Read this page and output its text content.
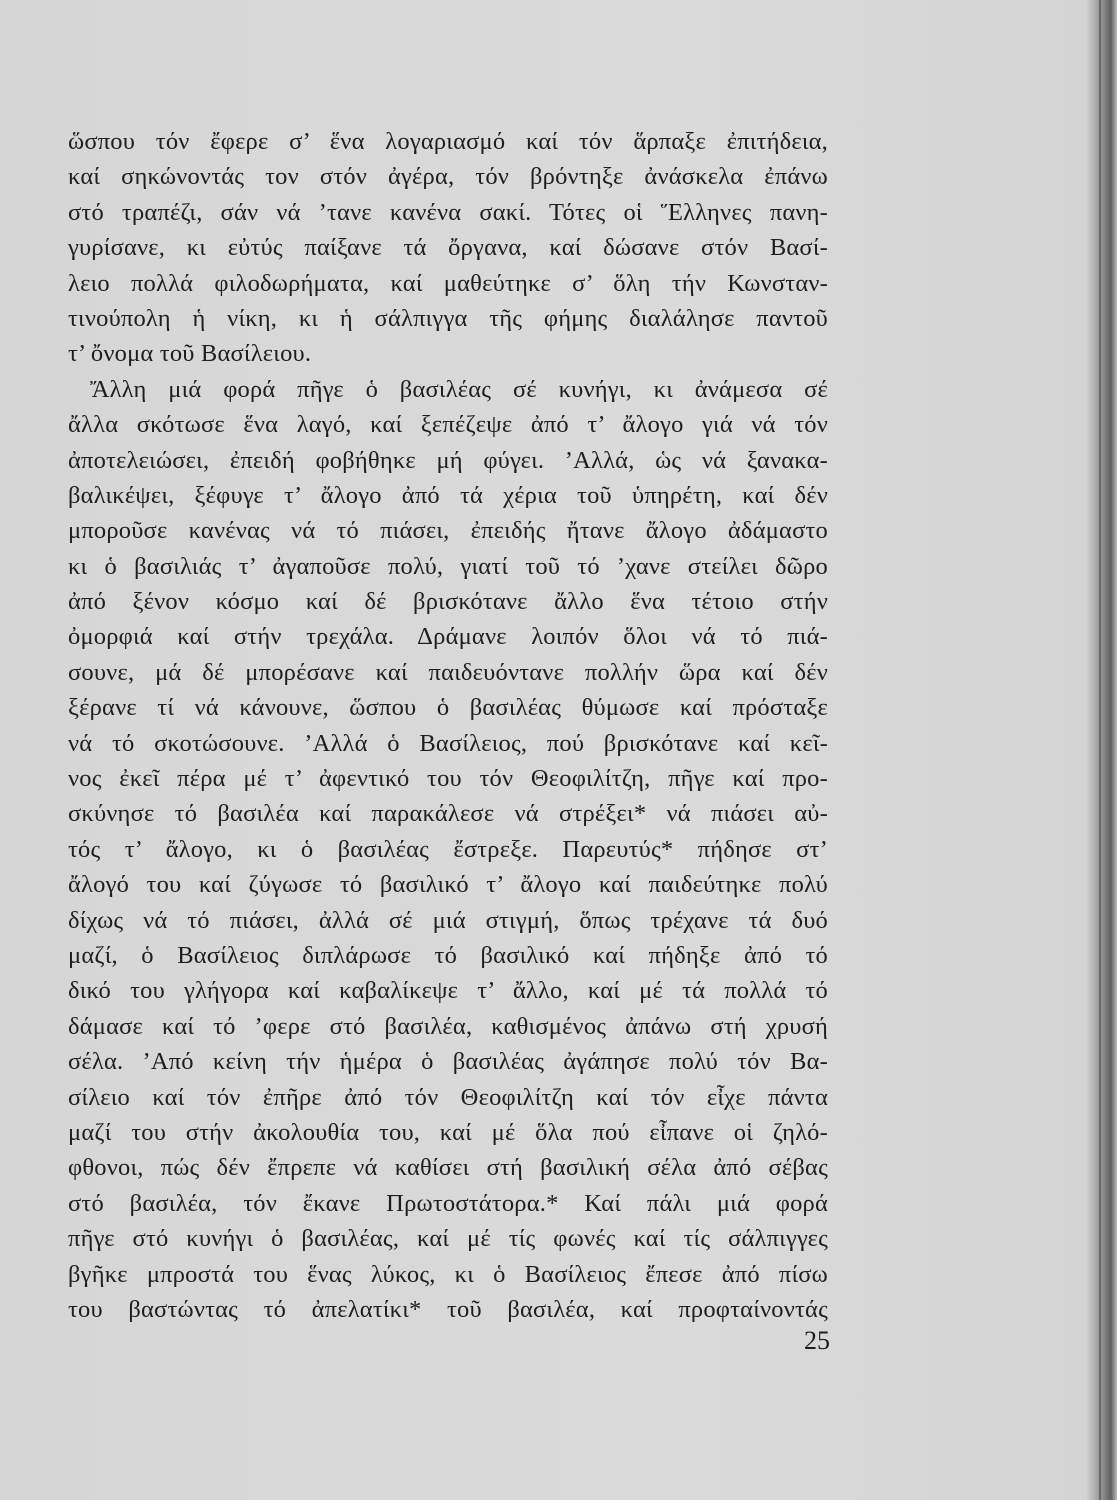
ὥσπου τόν ἔφερε σ’ ἕνα λογαριασμό καί τόν ἅρπαξε ἐπιτήδεια,
καί σηκώνοντάς τον στόν ἀγέρα, τόν βρόντηξε ἀνάσκελα ἐπάνω
στό τραπέζι, σάν νά ’τανε κανένα σακί. Τότες οἱ Ἕλληνες πανη-
γυρίσανε, κι εὐτύς παίξανε τά ὄργανα, καί δώσανε στόν Βασί-
λειο πολλά φιλοδωρήματα, καί μαθεύτηκε σ’ ὅλη τήν Κωνσταν-
τινούπολη ἡ νίκη, κι ἡ σάλπιγγα τῆς φήμης διαλάλησε παντοῦ
τ’ ὄνομα τοῦ Βασίλειου.
Ἄλλη μιά φορά πῆγε ὁ βασιλέας σέ κυνήγι, κι ἀνάμεσα σέ
ἄλλα σκότωσε ἕνα λαγό, καί ξεπέζεψε ἀπό τ’ ἄλογο γιά νά τόν
ἀποτελειώσει, ἐπειδή φοβήθηκε μή φύγει. ’Αλλά, ὡς νά ξανακα-
βαλικέψει, ξέφυγε τ’ ἄλογο ἀπό τά χέρια τοῦ ὑπηρέτη, καί δέν
μποροῦσε κανένας νά τό πιάσει, ἐπειδής ἤτανε ἄλογο ἀδάμαστο
κι ὁ βασιλιάς τ’ ἀγαποῦσε πολύ, γιατί τοῦ τό ’χανε στείλει δῶρο
ἀπό ξένον κόσμο καί δέ βρισκότανε ἄλλο ἕνα τέτοιο στήν
ὀμορφιά καί στήν τρεχάλα. Δράμανε λοιπόν ὅλοι νά τό πιά-
σουνε, μά δέ μπορέσανε καί παιδευόντανε πολλήν ὥρα καί δέν
ξέρανε τί νά κάνουνε, ὥσπου ὁ βασιλέας θύμωσε καί πρόσταξε
νά τό σκοτώσουνε. ’Αλλά ὁ Βασίλειος, πού βρισκότανε καί κεῖ-
νος ἐκεῖ πέρα μέ τ’ ἀφεντικό του τόν Θεοφιλίτζη, πῆγε καί προ-
σκύνησε τό βασιλέα καί παρακάλεσε νά στρέξει* νά πιάσει αὐ-
τός τ’ ἄλογο, κι ὁ βασιλέας ἔστρεξε. Παρευτύς* πήδησε στ’
ἄλογό του καί ζύγωσε τό βασιλικό τ’ ἄλογο καί παιδεύτηκε πολύ
δίχως νά τό πιάσει, ἀλλά σέ μιά στιγμή, ὅπως τρέχανε τά δυό
μαζί, ὁ Βασίλειος διπλάρωσε τό βασιλικό καί πήδηξε ἀπό τό
δικό του γλήγορα καί καβαλίκεψε τ’ ἄλλο, καί μέ τά πολλά τό
δάμασε καί τό ’φερε στό βασιλέα, καθισμένος ἀπάνω στή χρυσή
σέλα. ’Από κείνη τήν ἡμέρα ὁ βασιλέας ἀγάπησε πολύ τόν Βα-
σίλειο καί τόν ἐπῆρε ἀπό τόν Θεοφιλίτζη καί τόν εἶχε πάντα
μαζί του στήν ἀκολουθία του, καί μέ ὅλα πού εἶπανε οἱ ζηλό-
φθονοι, πώς δέν ἔπρεπε νά καθίσει στή βασιλική σέλα ἀπό σέβας
στό βασιλέα, τόν ἔκανε Πρωτοστάτορα.* Καί πάλι μιά φορά
πῆγε στό κυνήγι ὁ βασιλέας, καί μέ τίς φωνές καί τίς σάλπιγγες
βγῆκε μπροστά του ἕνας λύκος, κι ὁ Βασίλειος ἔπεσε ἀπό πίσω
του βαστώντας τό ἀπελατίκι* τοῦ βασιλέα, καί προφταίνοντάς
25
